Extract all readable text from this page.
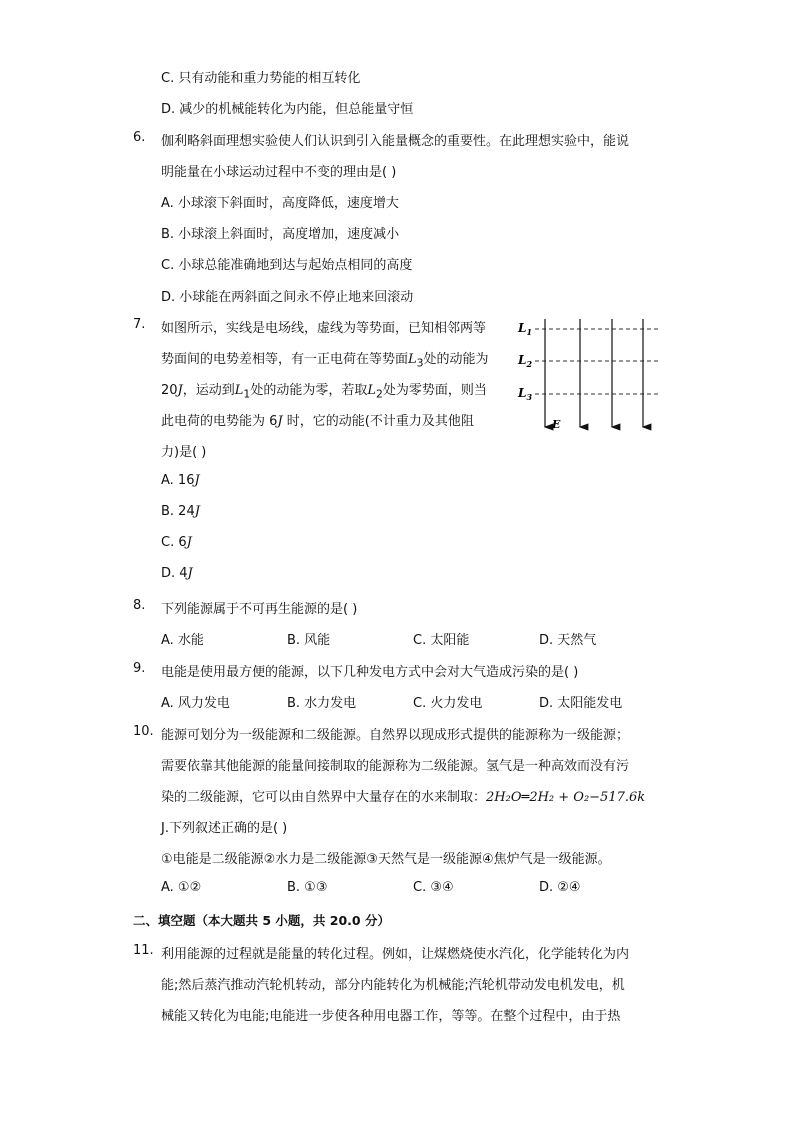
C. 只有动能和重力势能的相互转化
D. 减少的机械能转化为内能，但总能量守恒
6. 伽利略斜面理想实验使人们认识到引入能量概念的重要性。在此理想实验中，能说
明能量在小球运动过程中不变的理由是( )
A. 小球滚下斜面时，高度降低，速度增大
B. 小球滚上斜面时，高度增加，速度减小
C. 小球总能准确地到达与起始点相同的高度
D. 小球能在两斜面之间永不停止地来回滚动
7. 如图所示，实线是电场线，虚线为等势面，已知相邻两等
势面间的电势差相等，有一正电荷在等势面$L_3$处的动能为
20J，运动到$L_1$处的动能为零，若取$L_2$处为零势面，则当
此电荷的电势能为 6J 时，它的动能(不计重力及其他阻
力)是( )
A. 16J
B. 24J
C. 6J
D. 4J
$L_1$
$L_2$
$L_3$
E
8. 下列能源属于不可再生能源的是( )
A. 水能	B. 风能	C. 太阳能	D. 天然气
9. 电能是使用最方便的能源，以下几种发电方式中会对大气造成污染的是( )
A. 风力发电	B. 水力发电	C. 火力发电	D. 太阳能发电
10. 能源可划分为一级能源和二级能源。自然界以现成形式提供的能源称为一级能源；
需要依靠其他能源的能量间接制取的能源称为二级能源。氢气是一种高效而没有污
染的二级能源，它可以由自然界中大量存在的水来制取：2H₂O═2H₂ + O₂−517.6k
J.下列叙述正确的是( )
①电能是二级能源②水力是二级能源③天然气是一级能源④焦炉气是一级能源。
A. ①②	B. ①③	C. ③④	D. ②④
二、填空题（本大题共 5 小题，共 20.0 分）
11. 利用能源的过程就是能量的转化过程。例如，让煤燃烧使水汽化，化学能转化为内
能;然后蒸汽推动汽轮机转动，部分内能转化为机械能;汽轮机带动发电机发电，机
械能又转化为电能;电能进一步使各种用电器工作，等等。在整个过程中，由于热
